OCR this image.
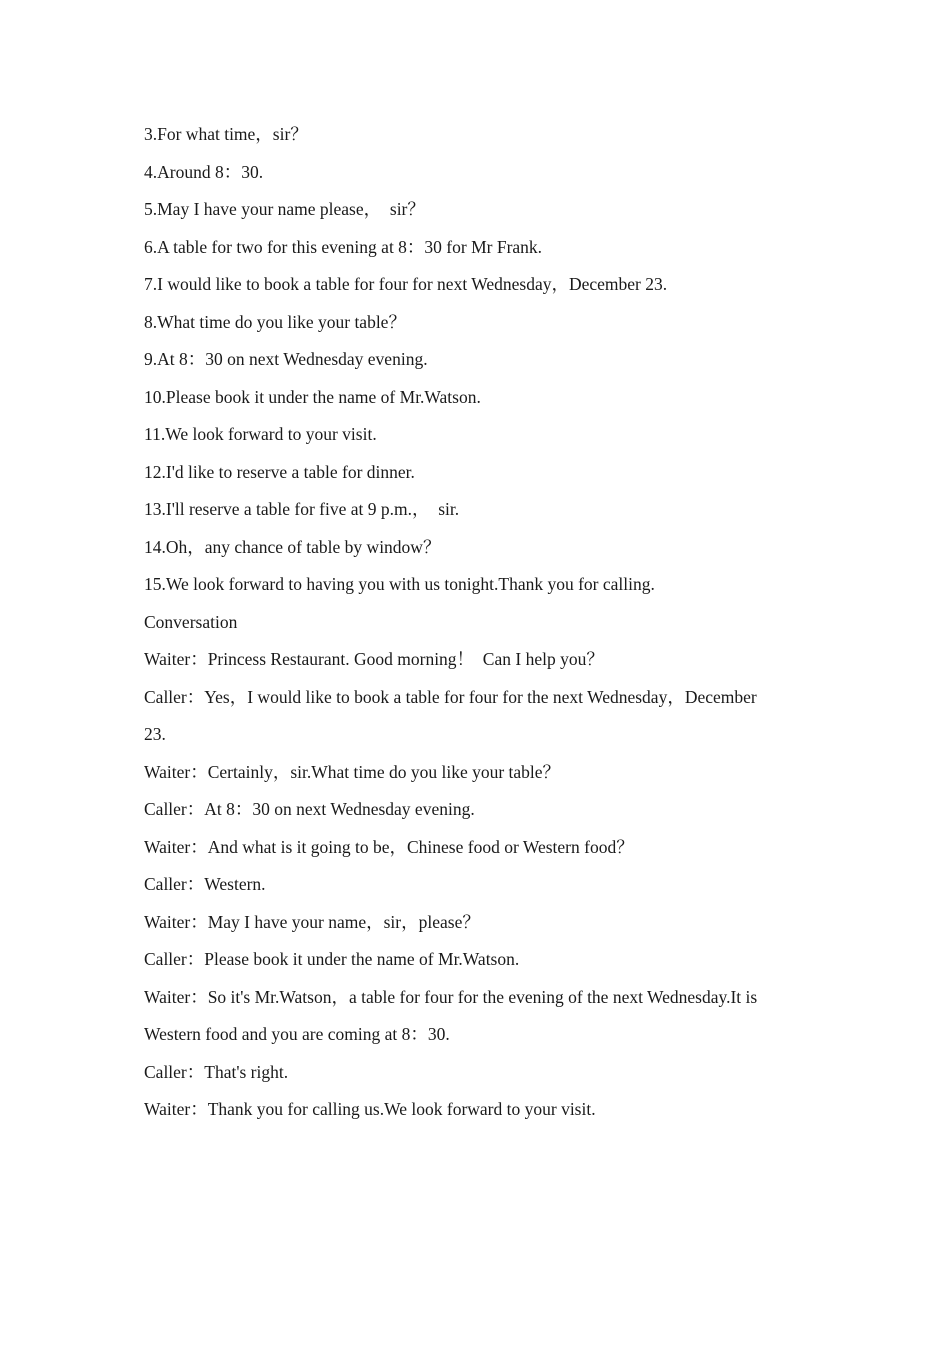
3.For what time，sir？
4.Around 8：30.
5.May I have your name please，  sir？
6.A table for two for this evening at 8：30 for Mr Frank.
7.I would like to book a table for four for next Wednesday，December 23.
8.What time do you like your table？
9.At 8：30 on next Wednesday evening.
10.Please book it under the name of Mr.Watson.
11.We look forward to your visit.
12.I'd like to reserve a table for dinner.
13.I'll reserve a table for five at 9 p.m.，  sir.
14.Oh，any chance of table by window？
15.We look forward to having you with us tonight.Thank you for calling.
Conversation
Waiter：Princess Restaurant. Good morning！  Can I help you？
Caller：Yes，I would like to book a table for four for the next Wednesday，December
23.
Waiter：Certainly，sir.What time do you like your table？
Caller：At 8：30 on next Wednesday evening.
Waiter：And what is it going to be，Chinese food or Western food？
Caller：Western.
Waiter：May I have your name，sir，please？
Caller：Please book it under the name of Mr.Watson.
Waiter：So it's Mr.Watson，a table for four for the evening of the next Wednesday.It is
Western food and you are coming at 8：30.
Caller：That's right.
Waiter：Thank you for calling us.We look forward to your visit.
